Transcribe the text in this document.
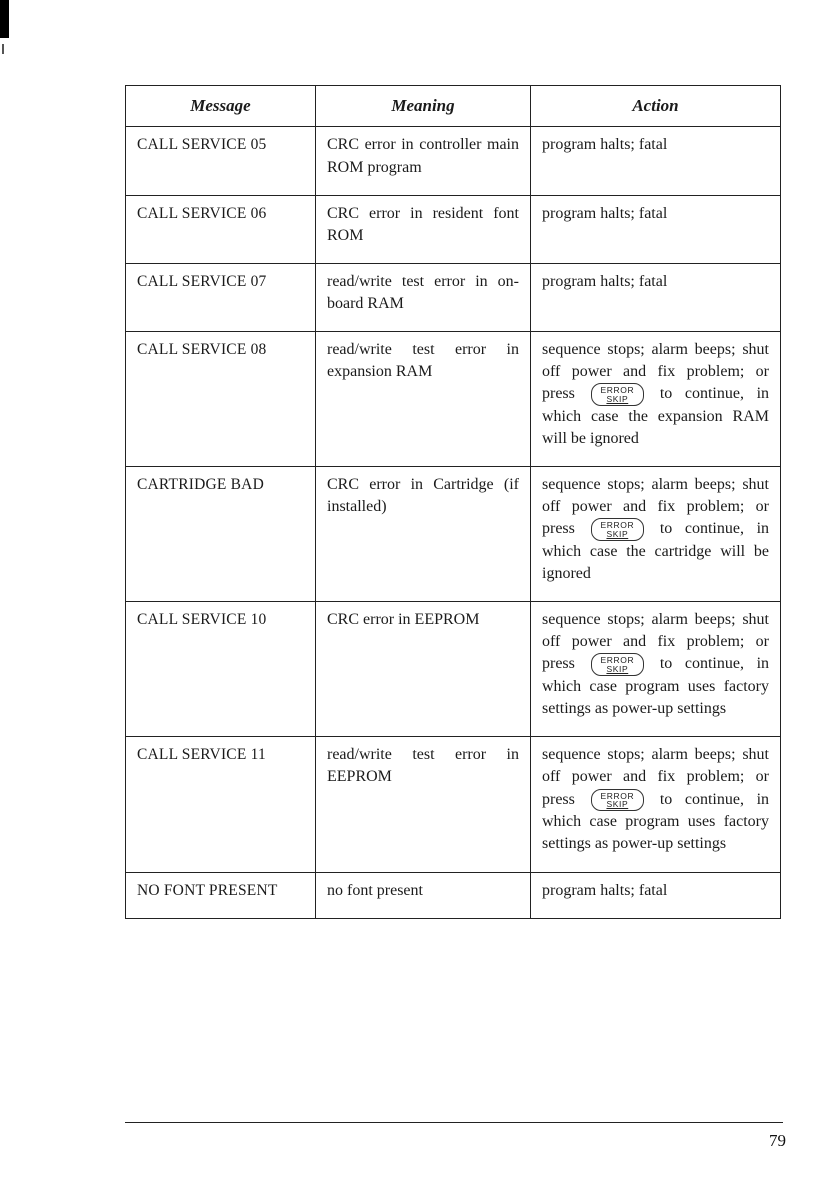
Message	Meaning	Action
CALL SERVICE 05	CRC error in controller main ROM program	program halts; fatal
CALL SERVICE 06	CRC error in resident font ROM	program halts; fatal
CALL SERVICE 07	read/write test error in on-board RAM	program halts; fatal
CALL SERVICE 08	read/write test error in expansion RAM	sequence stops; alarm beeps; shut off power and fix problem; or press ERROR
SKIP to continue, in which case the expansion RAM will be ignored
CARTRIDGE BAD	CRC error in Cartridge (if installed)	sequence stops; alarm beeps; shut off power and fix problem; or press ERROR
SKIP to continue, in which case the cartridge will be ignored
CALL SERVICE 10	CRC error in EEPROM	sequence stops; alarm beeps; shut off power and fix problem; or press ERROR
SKIP to continue, in which case program uses factory settings as power-up settings
CALL SERVICE 11	read/write test error in EEPROM	sequence stops; alarm beeps; shut off power and fix problem; or press ERROR
SKIP to continue, in which case program uses factory settings as power-up settings
NO FONT PRESENT	no font present	program halts; fatal
79
